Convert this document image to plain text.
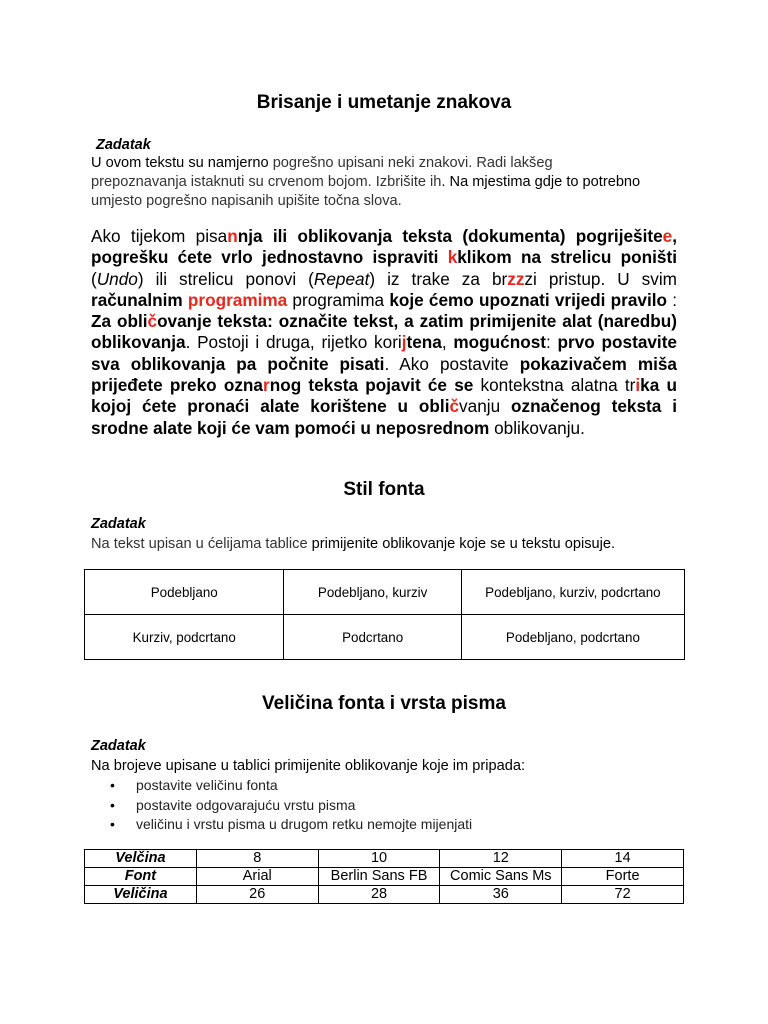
Brisanje i umetanje znakova
Zadatak
U ovom tekstu su namjerno pogrešno upisani neki znakovi. Radi lakšeg
prepoznavanja istaknuti su crvenom bojom. Izbrišite ih. Na mjestima gdje to potrebno
umjesto pogrešno napisanih upišite točna slova.
Ako tijekom pisannja ili oblikovanja teksta (dokumenta) pogriješitee, pogrešku ćete vrlo jednostavno ispraviti kklikom na strelicu poništi (Undo) ili strelicu ponovi (Repeat) iz trake za brzzzi pristup. U svim računalnim programima programima koje ćemo upoznati vrijedi pravilo : Za obličovanje teksta: označite tekst, a zatim primijenite alat (naredbu) oblikovanja. Postoji i druga, rijetko korijtena, mogućnost: prvo postavite sva oblikovanja pa počnite pisati. Ako postavite pokazivačem miša prijeđete preko oznarnog teksta pojavit će se kontekstna alatna trika u kojoj ćete pronaći alate korištene u obličvanju označenog teksta i srodne alate koji će vam pomoći u neposrednom oblikovanju.
Stil fonta
Zadatak
Na tekst upisan u ćelijama tablice primijenite oblikovanje koje se u tekstu opisuje.
Podebljano	Podebljano, kurziv	Podebljano, kurziv, podcrtano
Kurziv, podcrtano	Podcrtano	Podebljano, podcrtano
Veličina fonta i vrsta pisma
Zadatak
Na brojeve upisane u tablici primijenite oblikovanje koje im pripada:
• postavite veličinu fonta
• postavite odgovarajuću vrstu pisma
• veličinu i vrstu pisma u drugom retku nemojte mijenjati
Velčina	8	10	12	14
Font	Arial	Berlin Sans FB	Comic Sans Ms	Forte
Veličina	26	28	36	72
